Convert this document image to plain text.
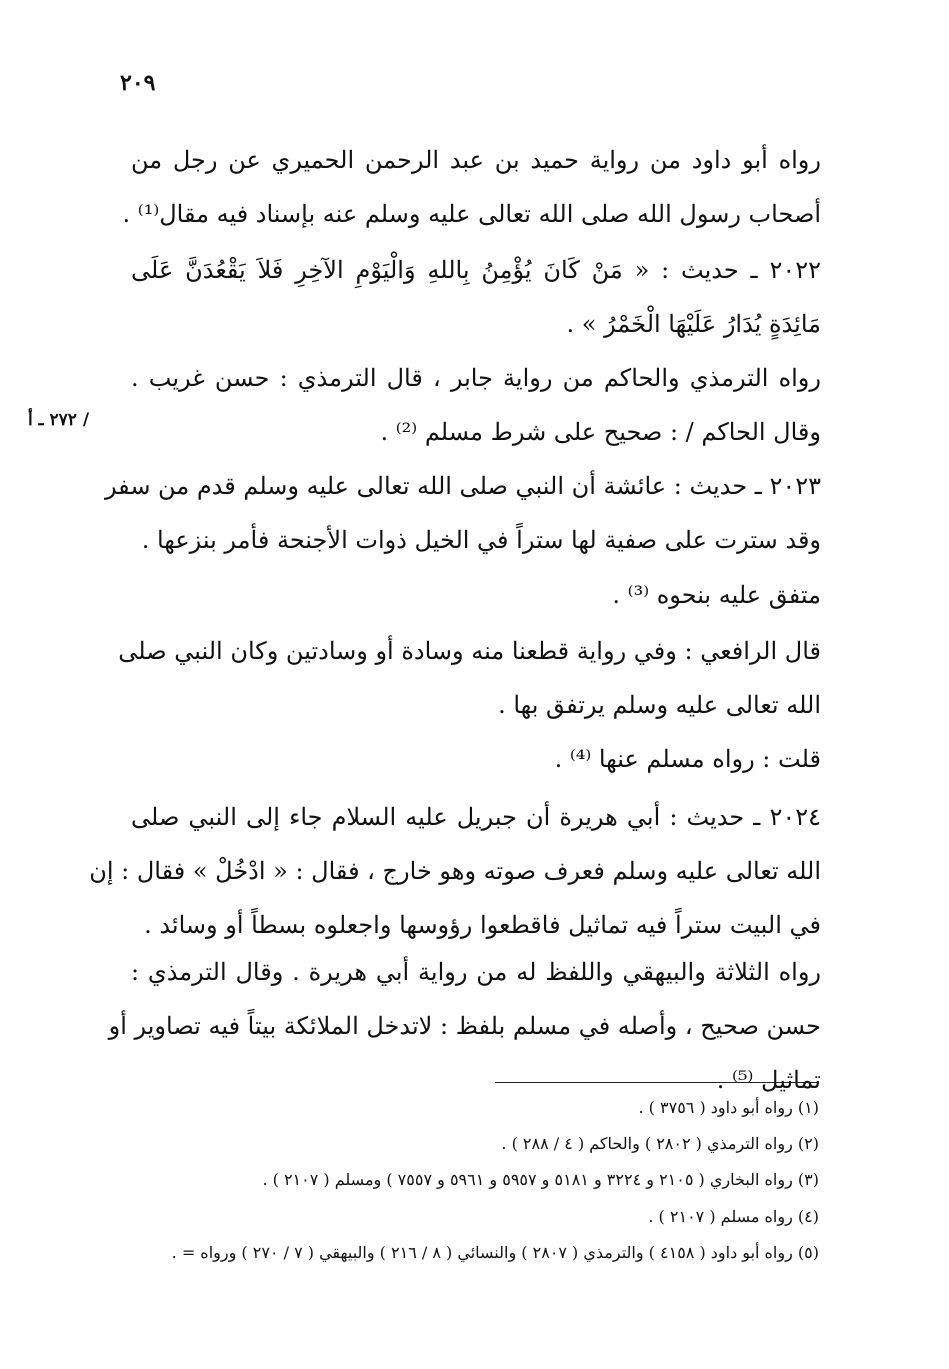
٢٠٩
/ ٢٧٢ ـ أ
رواه أبو داود من رواية حميد بن عبد الرحمن الحميري عن رجل من
أصحاب رسول الله صلى الله تعالى عليه وسلم عنه بإسناد فيه مقال⁽¹⁾ .
٢٠٢٢ ـ حديث : « مَنْ كَانَ يُؤْمِنُ بِاللهِ وَالْيَوْمِ الآخِرِ فَلاَ يَقْعُدَنَّ عَلَى
مَائِدَةٍ يُدَارُ عَلَيْهَا الْخَمْرُ » .
رواه الترمذي والحاكم من رواية جابر ، قال الترمذي : حسن غريب .
وقال الحاكم / : صحيح على شرط مسلم ⁽²⁾ .
٢٠٢٣ ـ حديث : عائشة أن النبي صلى الله تعالى عليه وسلم قدم من سفر
وقد سترت على صفية لها ستراً في الخيل ذوات الأجنحة فأمر بنزعها .
متفق عليه بنحوه ⁽³⁾ .
قال الرافعي : وفي رواية قطعنا منه وسادة أو وسادتين وكان النبي صلى
الله تعالى عليه وسلم يرتفق بها .
قلت : رواه مسلم عنها ⁽⁴⁾ .
٢٠٢٤ ـ حديث : أبي هريرة أن جبريل عليه السلام جاء إلى النبي صلى
الله تعالى عليه وسلم فعرف صوته وهو خارج ، فقال : « ادْخُلْ » فقال : إن
في البيت ستراً فيه تماثيل فاقطعوا رؤوسها واجعلوه بسطاً أو وسائد .
رواه الثلاثة والبيهقي واللفظ له من رواية أبي هريرة . وقال الترمذي :
حسن صحيح ، وأصله في مسلم بلفظ : لاتدخل الملائكة بيتاً فيه تصاوير أو
تماثيل ⁽⁵⁾ .
(١) رواه أبو داود ( ٣٧٥٦ ) .
(٢) رواه الترمذي ( ٢٨٠٢ ) والحاكم ( ٤ / ٢٨٨ ) .
(٣) رواه البخاري ( ٢١٠٥ و ٣٢٢٤ و ٥١٨١ و ٥٩٥٧ و ٥٩٦١ و ٧٥٥٧ ) ومسلم ( ٢١٠٧ ) .
(٤) رواه مسلم ( ٢١٠٧ ) .
(٥) رواه أبو داود ( ٤١٥٨ ) والترمذي ( ٢٨٠٧ ) والنسائي ( ٨ / ٢١٦ ) والبيهقي ( ٧ / ٢٧٠ ) ورواه = .
